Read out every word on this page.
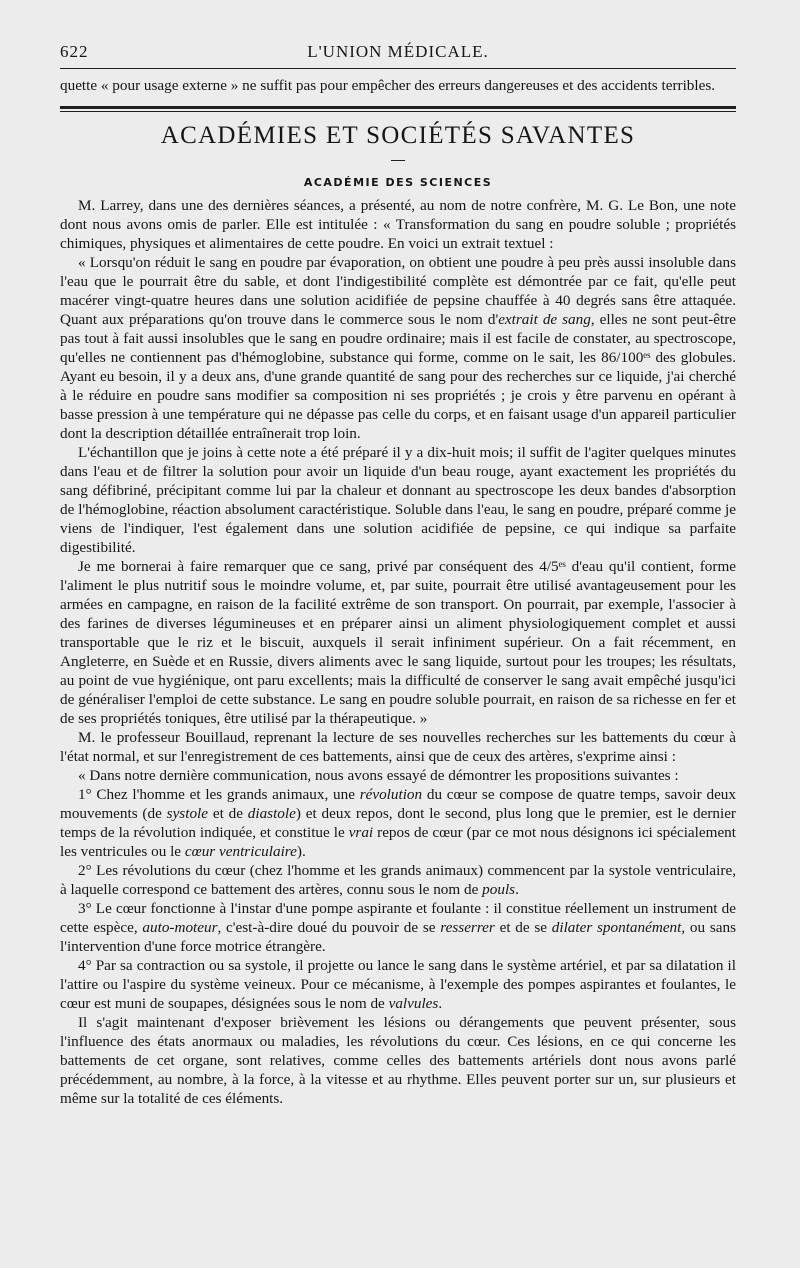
622	L'UNION MÉDICALE.

quette « pour usage externe » ne suffit pas pour empêcher des erreurs dangereuses et des accidents terribles.

ACADÉMIES ET SOCIÉTÉS SAVANTES
ACADÉMIE DES SCIENCES

M. Larrey, dans une des dernières séances, a présenté, au nom de notre confrère, M. G. Le Bon, une note dont nous avons omis de parler. Elle est intitulée : « Transformation du sang en poudre soluble ; propriétés chimiques, physiques et alimentaires de cette poudre. En voici un extrait textuel :

« Lorsqu'on réduit le sang en poudre par évaporation, on obtient une poudre à peu près aussi insoluble dans l'eau que le pourrait être du sable, et dont l'indigestibilité complète est démontrée par ce fait, qu'elle peut macérer vingt-quatre heures dans une solution acidifiée de pepsine chauffée à 40 degrés sans être attaquée. Quant aux préparations qu'on trouve dans le commerce sous le nom d'extrait de sang, elles ne sont peut-être pas tout à fait aussi insolubles que le sang en poudre ordinaire; mais il est facile de constater, au spectroscope, qu'elles ne contiennent pas d'hémoglobine, substance qui forme, comme on le sait, les 86/100ᵉˢ des globules. Ayant eu besoin, il y a deux ans, d'une grande quantité de sang pour des recherches sur ce liquide, j'ai cherché à le réduire en poudre sans modifier sa composition ni ses propriétés ; je crois y être parvenu en opérant à basse pression à une température qui ne dépasse pas celle du corps, et en faisant usage d'un appareil particulier dont la description détaillée entraînerait trop loin.

L'échantillon que je joins à cette note a été préparé il y a dix-huit mois; il suffit de l'agiter quelques minutes dans l'eau et de filtrer la solution pour avoir un liquide d'un beau rouge, ayant exactement les propriétés du sang défibriné, précipitant comme lui par la chaleur et donnant au spectroscope les deux bandes d'absorption de l'hémoglobine, réaction absolument caractéristique. Soluble dans l'eau, le sang en poudre, préparé comme je viens de l'indiquer, l'est également dans une solution acidifiée de pepsine, ce qui indique sa parfaite digestibilité.

Je me bornerai à faire remarquer que ce sang, privé par conséquent des 4/5ᵉˢ d'eau qu'il contient, forme l'aliment le plus nutritif sous le moindre volume, et, par suite, pourrait être utilisé avantageusement pour les armées en campagne, en raison de la facilité extrême de son transport. On pourrait, par exemple, l'associer à des farines de diverses légumineuses et en préparer ainsi un aliment physiologiquement complet et aussi transportable que le riz et le biscuit, auxquels il serait infiniment supérieur. On a fait récemment, en Angleterre, en Suède et en Russie, divers aliments avec le sang liquide, surtout pour les troupes; les résultats, au point de vue hygiénique, ont paru excellents; mais la difficulté de conserver le sang avait empêché jusqu'ici de généraliser l'emploi de cette substance. Le sang en poudre soluble pourrait, en raison de sa richesse en fer et de ses propriétés toniques, être utilisé par la thérapeutique. »

M. le professeur Bouillaud, reprenant la lecture de ses nouvelles recherches sur les battements du cœur à l'état normal, et sur l'enregistrement de ces battements, ainsi que de ceux des artères, s'exprime ainsi :

« Dans notre dernière communication, nous avons essayé de démontrer les propositions suivantes :

1° Chez l'homme et les grands animaux, une révolution du cœur se compose de quatre temps, savoir deux mouvements (de systole et de diastole) et deux repos, dont le second, plus long que le premier, est le dernier temps de la révolution indiquée, et constitue le vrai repos de cœur (par ce mot nous désignons ici spécialement les ventricules ou le cœur ventriculaire).

2° Les révolutions du cœur (chez l'homme et les grands animaux) commencent par la systole ventriculaire, à laquelle correspond ce battement des artères, connu sous le nom de pouls.

3° Le cœur fonctionne à l'instar d'une pompe aspirante et foulante : il constitue réellement un instrument de cette espèce, auto-moteur, c'est-à-dire doué du pouvoir de se resserrer et de se dilater spontanément, ou sans l'intervention d'une force motrice étrangère.

4° Par sa contraction ou sa systole, il projette ou lance le sang dans le système artériel, et par sa dilatation il l'attire ou l'aspire du système veineux. Pour ce mécanisme, à l'exemple des pompes aspirantes et foulantes, le cœur est muni de soupapes, désignées sous le nom de valvules.

Il s'agit maintenant d'exposer brièvement les lésions ou dérangements que peuvent présenter, sous l'influence des états anormaux ou maladies, les révolutions du cœur. Ces lésions, en ce qui concerne les battements de cet organe, sont relatives, comme celles des battements artériels dont nous avons parlé précédemment, au nombre, à la force, à la vitesse et au rhythme. Elles peuvent porter sur un, sur plusieurs et même sur la totalité de ces éléments.
